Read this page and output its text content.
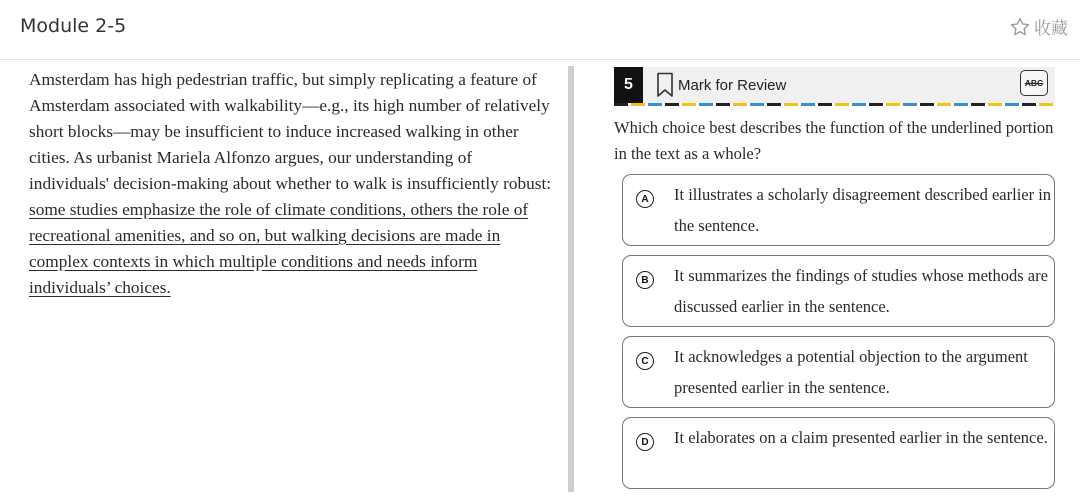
Module 2-5	收藏
Amsterdam has high pedestrian traffic, but simply replicating a feature of Amsterdam associated with walkability—e.g., its high number of relatively short blocks—may be insufficient to induce increased walking in other cities. As urbanist Mariela Alfonzo argues, our understanding of individuals' decision-making about whether to walk is insufficiently robust: some studies emphasize the role of climate conditions, others the role of recreational amenities, and so on, but walking decisions are made in complex contexts in which multiple conditions and needs inform individuals’ choices.
5	Mark for Review	ABC
Which choice best describes the function of the underlined portion in the text as a whole?
A	It illustrates a scholarly disagreement described earlier in the sentence.
B	It summarizes the findings of studies whose methods are discussed earlier in the sentence.
C	It acknowledges a potential objection to the argument presented earlier in the sentence.
D	It elaborates on a claim presented earlier in the sentence.
